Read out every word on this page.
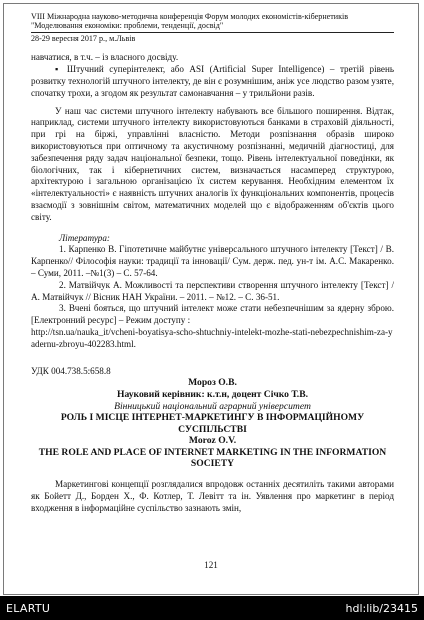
VIII Міжнародна науково-методична конференція Форум молодих економістів-кібернетиків
"Моделювання економіки: проблеми, тенденції, досвід"
28-29 вересня 2017 р., м.Львів

навчатися, в т.ч. – із власного досвіду.

▪ Штучний суперінтелект, або ASI (Artificial Super Intelligence) – третій рівень розвитку технологій штучного інтелекту, де він є розумнішим, аніж усе людство разом узяте, спочатку трохи, а згодом як результат самонавчання – у трильйони разів.

У наш час системи штучного інтелекту набувають все більшого поширення. Відтак, наприклад, системи штучного інтелекту використовуються банками в страховій діяльності, при грі на біржі, управлінні власністю. Методи розпізнання образів широко використовуються при оптичному та акустичному розпізнанні, медичній діагностиці, для забезпечення ряду задач національної безпеки, тощо. Рівень інтелектуальної поведінки, як біологічних, так і кібернетичних систем, визначається насамперед структурою, архітектурою і загальною організацією їх систем керування. Необхідним елементом їх «інтелектуальності» є наявність штучних аналогів їх функціональних компонентів, процесів взаємодії з зовнішнім світом, математичних моделей що є відображенням об'єктів цього світу.

Література:

1. Карпенко В. Гіпотетичне майбутнє універсального штучного інтелекту [Текст] / В. Карпенко// Філософія науки: традиції та інновації/ Сум. держ. пед. ун-т ім. А.С. Макаренко. – Суми, 2011. –№1(3) – С. 57-64.

2. Матвійчук А. Можливості та перспективи створення штучного інтелекту [Текст] / А. Матвійчук // Вісник НАН України. – 2011. – №12. – С. 36-51.

3. Вчені бояться, що штучний інтелект може стати небезпечнішим за ядерну зброю. [Електронний ресурс] – Режим доступу :

http://tsn.ua/nauka_it/vcheni-boyatisya-scho-shtuchniy-intelekt-mozhe-stati-nebezpechnishim-za-yadernu-zbroyu-402283.html.

УДК 004.738.5:658.8

Мороз О.В.

Науковий керівник: к.т.н, доцент Січко Т.В.

Вінницький національний аграрний університет

РОЛЬ І МІСЦЕ ІНТЕРНЕТ-МАРКЕТИНГУ В ІНФОРМАЦІЙНОМУ СУСПІЛЬСТВІ

Moroz O.V.

THE ROLE AND PLACE OF INTERNET MARKETING IN THE INFORMATION SOCIETY

Маркетингові концепції розглядалися впродовж останніх десятиліть такими авторами як Бойетт Д., Борден Х., Ф. Котлер, Т. Левітт та ін. Уявлення про маркетинг в період входження в інформаційне суспільство зазнають змін,

121
ELARTU	hdl:lib/23415
